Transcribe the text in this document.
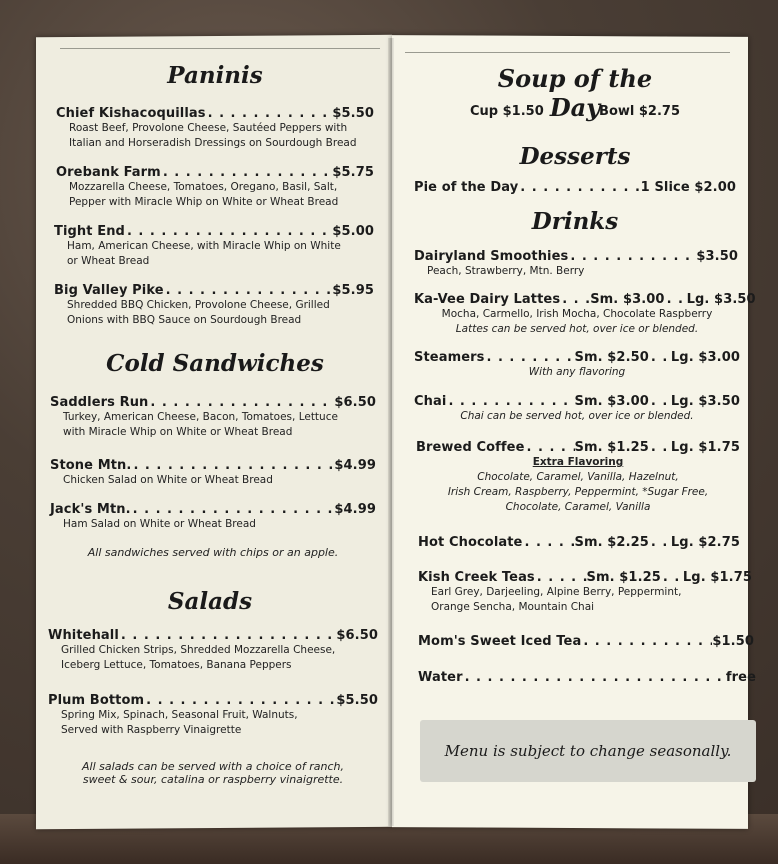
Paninis
Chief Kishacoquillas . . .	$5.50
Roast Beef, Provolone Cheese, Sautéed Peppers with
Italian and Horseradish Dressings on Sourdough Bread
Orebank Farm . . .	$5.75
Mozzarella Cheese, Tomatoes, Oregano, Basil, Salt,
Pepper with Miracle Whip on White or Wheat Bread
Tight End . . .	$5.00
Ham, American Cheese, with Miracle Whip on White
or Wheat Bread
Big Valley Pike . . .	$5.95
Shredded BBQ Chicken, Provolone Cheese, Grilled
Onions with BBQ Sauce on Sourdough Bread
Cold Sandwiches
Saddlers Run . . .	$6.50
Turkey, American Cheese, Bacon, Tomatoes, Lettuce
with Miracle Whip on White or Wheat Bread
Stone Mtn. . . .	$4.99
Chicken Salad on White or Wheat Bread
Jack's Mtn. . . .	$4.99
Ham Salad on White or Wheat Bread
All sandwiches served with chips or an apple.
Salads
Whitehall . . .	$6.50
Grilled Chicken Strips, Shredded Mozzarella Cheese,
Iceberg Lettuce, Tomatoes, Banana Peppers
Plum Bottom . . .	$5.50
Spring Mix, Spinach, Seasonal Fruit, Walnuts,
Served with Raspberry Vinaigrette
All salads can be served with a choice of ranch,
sweet & sour, catalina or raspberry vinaigrette.
Soup of the Day
Cup $1.50	Bowl $2.75
Desserts
Pie of the Day . . .	1 Slice $2.00
Drinks
Dairyland Smoothies . . .	$3.50
Peach, Strawberry, Mtn. Berry
Ka-Vee Dairy Lattes . . . Sm. $3.00 . . . Lg. $3.50
Mocha, Carmello, Irish Mocha, Chocolate Raspberry
Lattes can be served hot, over ice or blended.
Steamers . . .	Sm. $2.50 . . . Lg. $3.00
With any flavoring
Chai . . .	Sm. $3.00 . . . Lg. $3.50
Chai can be served hot, over ice or blended.
Brewed Coffee . . .	Sm. $1.25 . . . Lg. $1.75
Extra Flavoring
Chocolate, Caramel, Vanilla, Hazelnut,
Irish Cream, Raspberry, Peppermint, *Sugar Free,
Chocolate, Caramel, Vanilla
Hot Chocolate . . .	Sm. $2.25 . . . Lg. $2.75
Kish Creek Teas . . .	Sm. $1.25 . . . Lg. $1.75
Earl Grey, Darjeeling, Alpine Berry, Peppermint,
Orange Sencha, Mountain Chai
Mom's Sweet Iced Tea . . .	$1.50
Water . . .	free
Menu is subject to change seasonally.
